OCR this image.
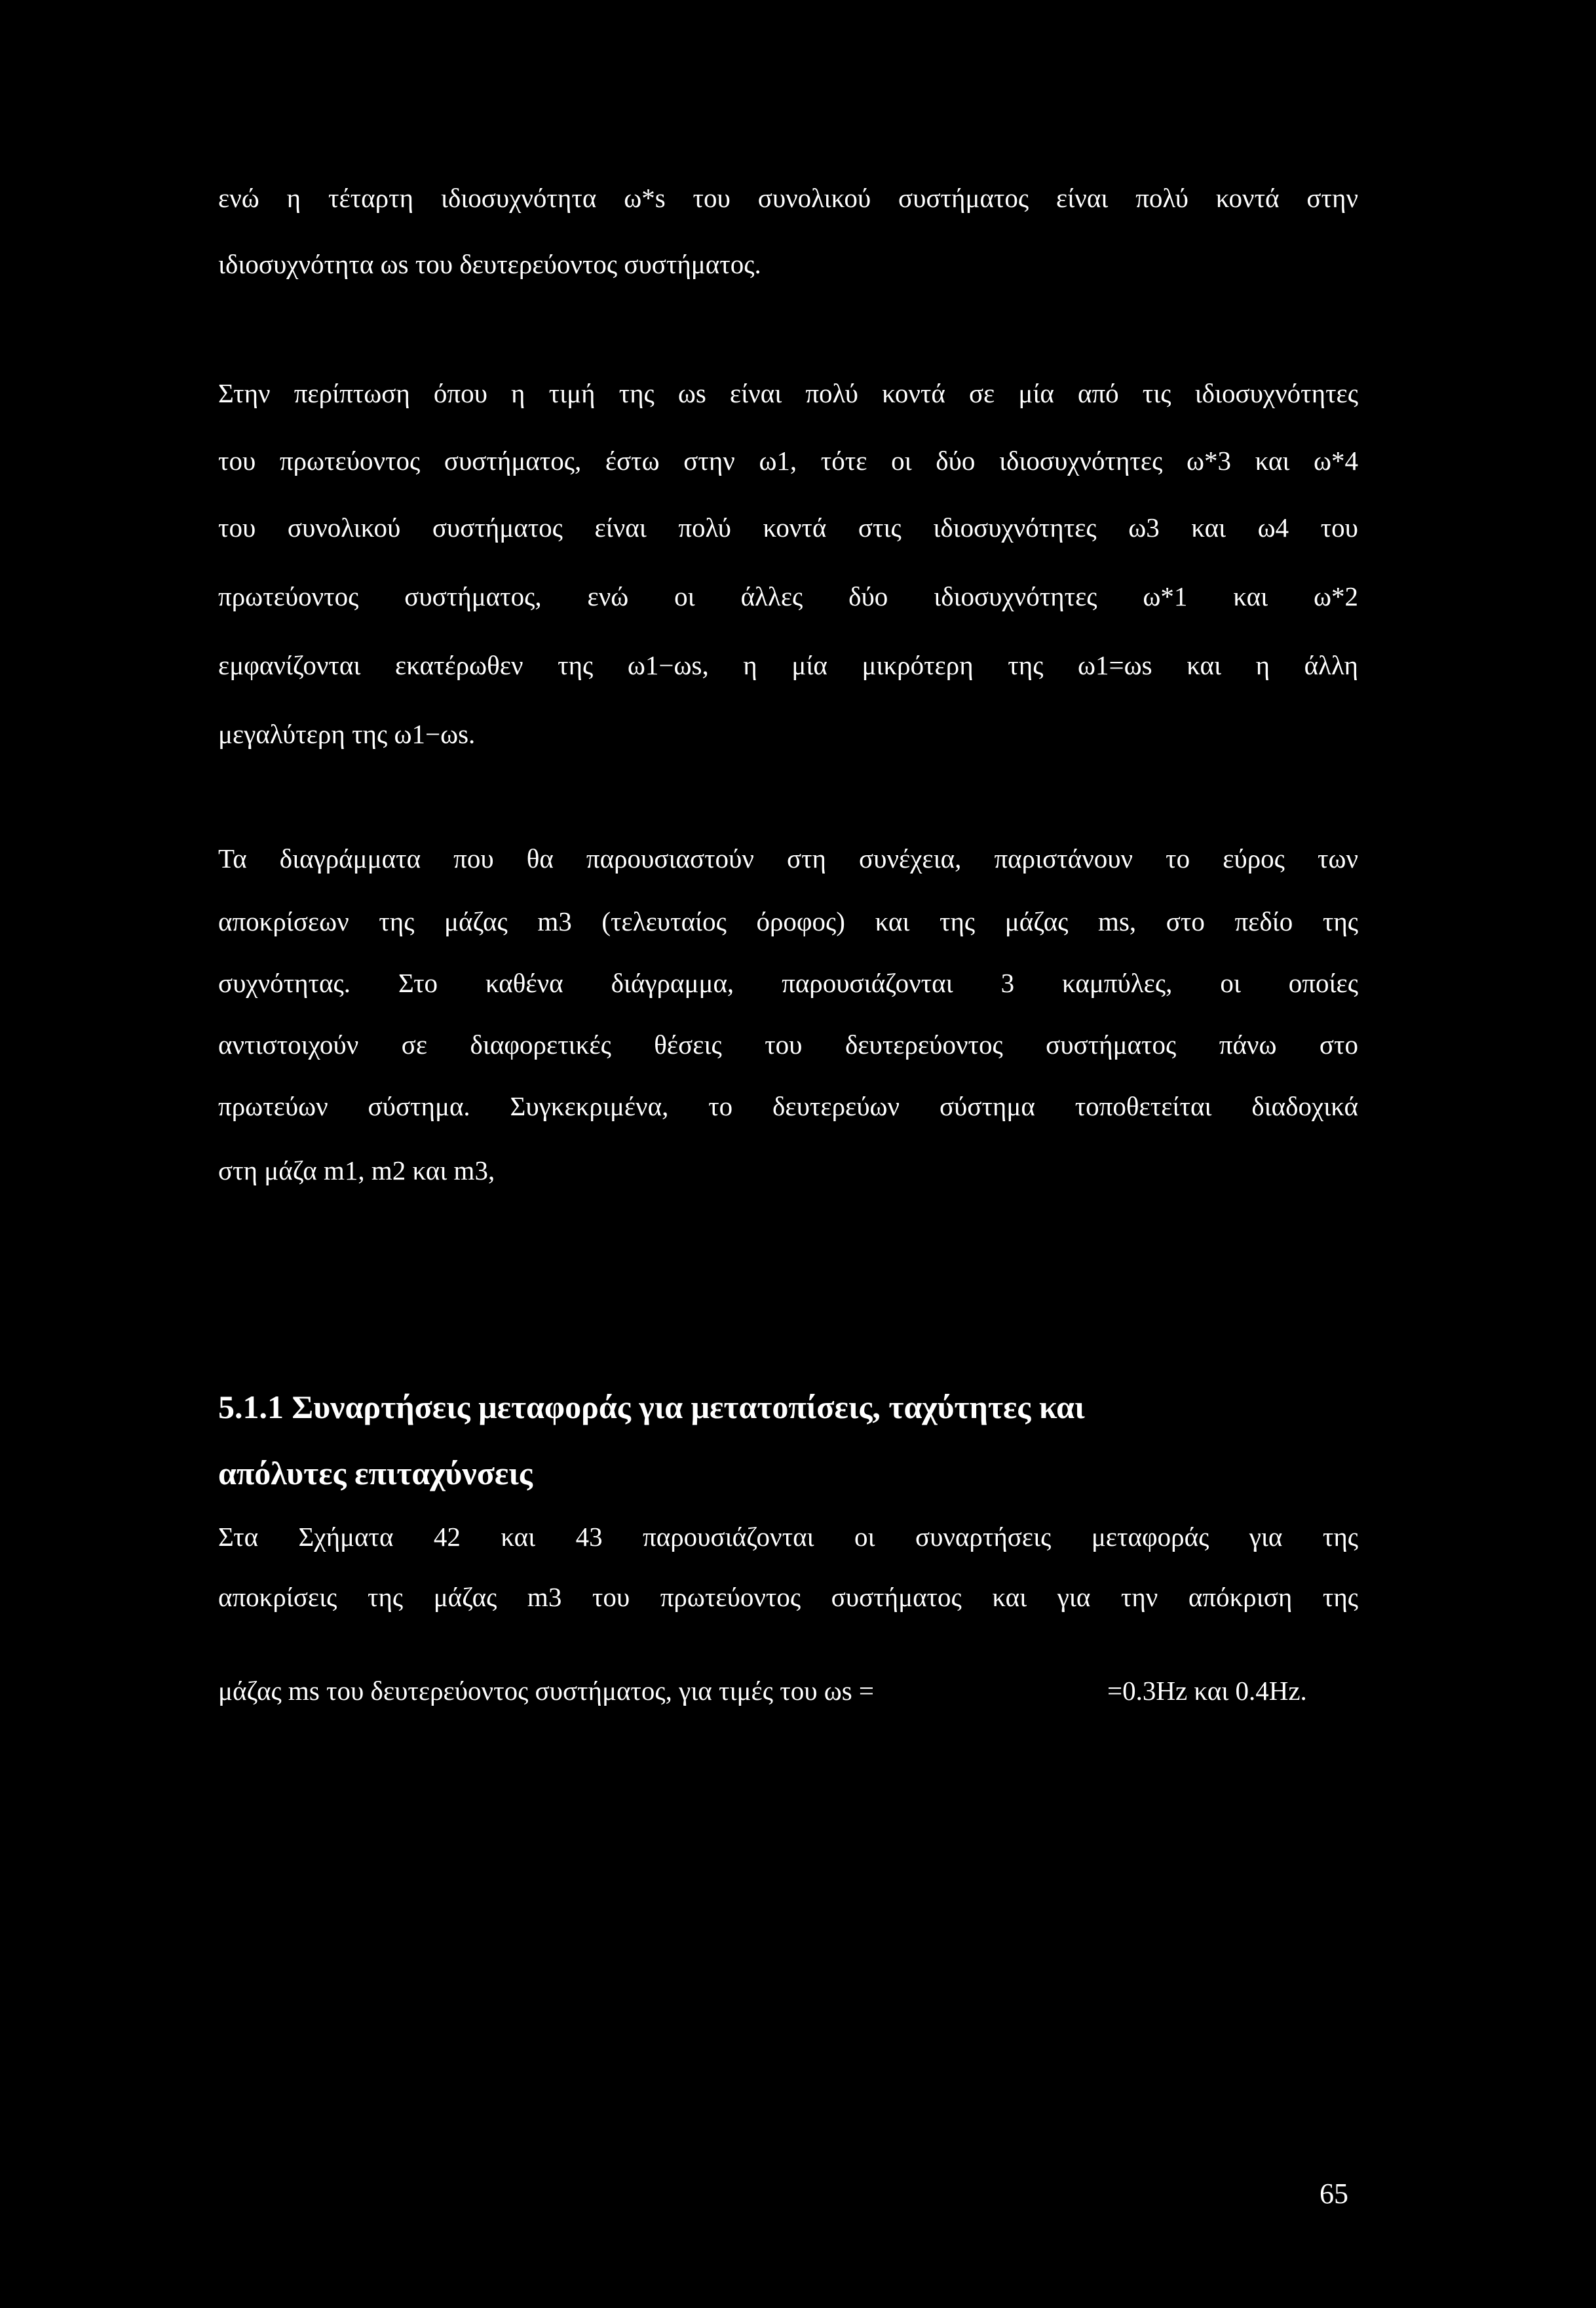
ενώ η τέταρτη ιδιοσυχνότητα ω*s του συνολικού συστήματος είναι πολύ κοντά στην
ιδιοσυχνότητα ωs του δευτερεύοντος συστήματος.
Στην περίπτωση όπου η τιμή της ωs είναι πολύ κοντά σε μία από τις ιδιοσυχνότητες
του πρωτεύοντος συστήματος, έστω στην ω1, τότε οι δύο ιδιοσυχνότητες ω*3 και ω*4
του συνολικού συστήματος είναι πολύ κοντά στις ιδιοσυχνότητες ω3 και ω4 του
πρωτεύοντος συστήματος, ενώ οι άλλες δύο ιδιοσυχνότητες ω*1 και ω*2
εμφανίζονται εκατέρωθεν της ω1−ωs, η μία μικρότερη της ω1=ωs και η άλλη
μεγαλύτερη της ω1−ωs.
Τα διαγράμματα που θα παρουσιαστούν στη συνέχεια, παριστάνουν το εύρος των
αποκρίσεων της μάζας m3 (τελευταίος όροφος) και της μάζας ms, στο πεδίο της
συχνότητας. Στο καθένα διάγραμμα, παρουσιάζονται 3 καμπύλες, οι οποίες
αντιστοιχούν σε διαφορετικές θέσεις του δευτερεύοντος συστήματος πάνω στο
πρωτεύων σύστημα. Συγκεκριμένα, το δευτερεύων σύστημα τοποθετείται διαδοχικά
στη μάζα m1, m2 και m3,
5.1.1 Συναρτήσεις μεταφοράς για μετατοπίσεις, ταχύτητες και
απόλυτες επιταχύνσεις
Στα Σχήματα 42 και 43 παρουσιάζονται οι συναρτήσεις μεταφοράς για της
αποκρίσεις της μάζας m3 του πρωτεύοντος συστήματος και για την απόκριση της
μάζας ms του δευτερεύοντος συστήματος, για τιμές του ωs =	=0.3Hz και 0.4Hz.
65
